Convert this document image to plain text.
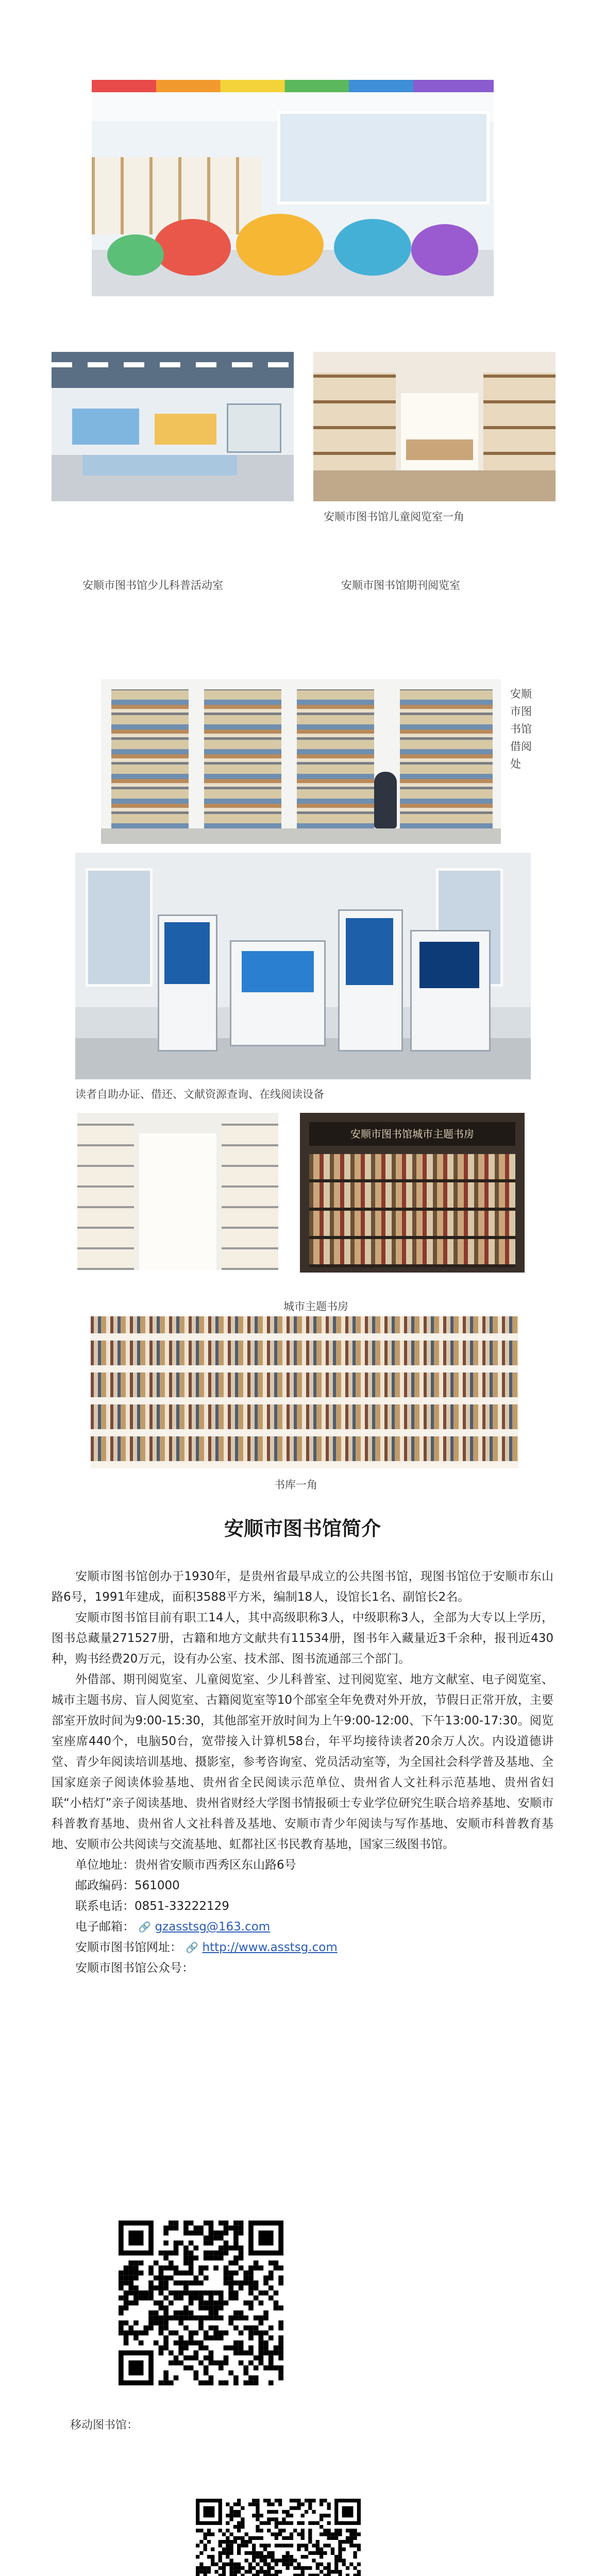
安顺市图书馆儿童阅览室一角
安顺市图书馆少儿科普活动室	安顺市图书馆期刊阅览室
安顺市图书馆借阅处
读者自助办证、借还、文献资源查询、在线阅读设备
安顺市图书馆城市主题书房
城市主题书房
书库一角
安顺市图书馆简介

安顺市图书馆创办于1930年，是贵州省最早成立的公共图书馆，现图书馆位于安顺市东山路6号，1991年建成，面积3588平方米，编制18人，设馆长1名、副馆长2名。

安顺市图书馆目前有职工14人，其中高级职称3人，中级职称3人，全部为大专以上学历，图书总藏量271527册，古籍和地方文献共有11534册，图书年入藏量近3千余种，报刊近430种，购书经费20万元，设有办公室、技术部、图书流通部三个部门。

外借部、期刊阅览室、儿童阅览室、少儿科普室、过刊阅览室、地方文献室、电子阅览室、城市主题书房、盲人阅览室、古籍阅览室等10个部室全年免费对外开放，节假日正常开放，主要部室开放时间为9:00-15:30，其他部室开放时间为上午9:00-12:00、下午13:00-17:30。阅览室座席440个，电脑50台，宽带接入计算机58台，年平均接待读者20余万人次。内设道德讲堂、青少年阅读培训基地、摄影室，参考咨询室、党员活动室等，为全国社会科学普及基地、全国家庭亲子阅读体验基地、贵州省全民阅读示范单位、贵州省人文社科示范基地、贵州省妇联“小桔灯”亲子阅读基地、贵州省财经大学图书情报硕士专业学位研究生联合培养基地、安顺市科普教育基地、贵州省人文社科普及基地、安顺市青少年阅读与写作基地、安顺市科普教育基地、安顺市公共阅读与交流基地、虹都社区书民教育基地，国家三级图书馆。

单位地址：贵州省安顺市西秀区东山路6号
邮政编码：561000
联系电话：0851-33222129
电子邮箱： 🔗 gzasstsg@163.com
安顺市图书馆网址： 🔗 http://www.asstsg.com
安顺市图书馆公众号：
移动图书馆：
